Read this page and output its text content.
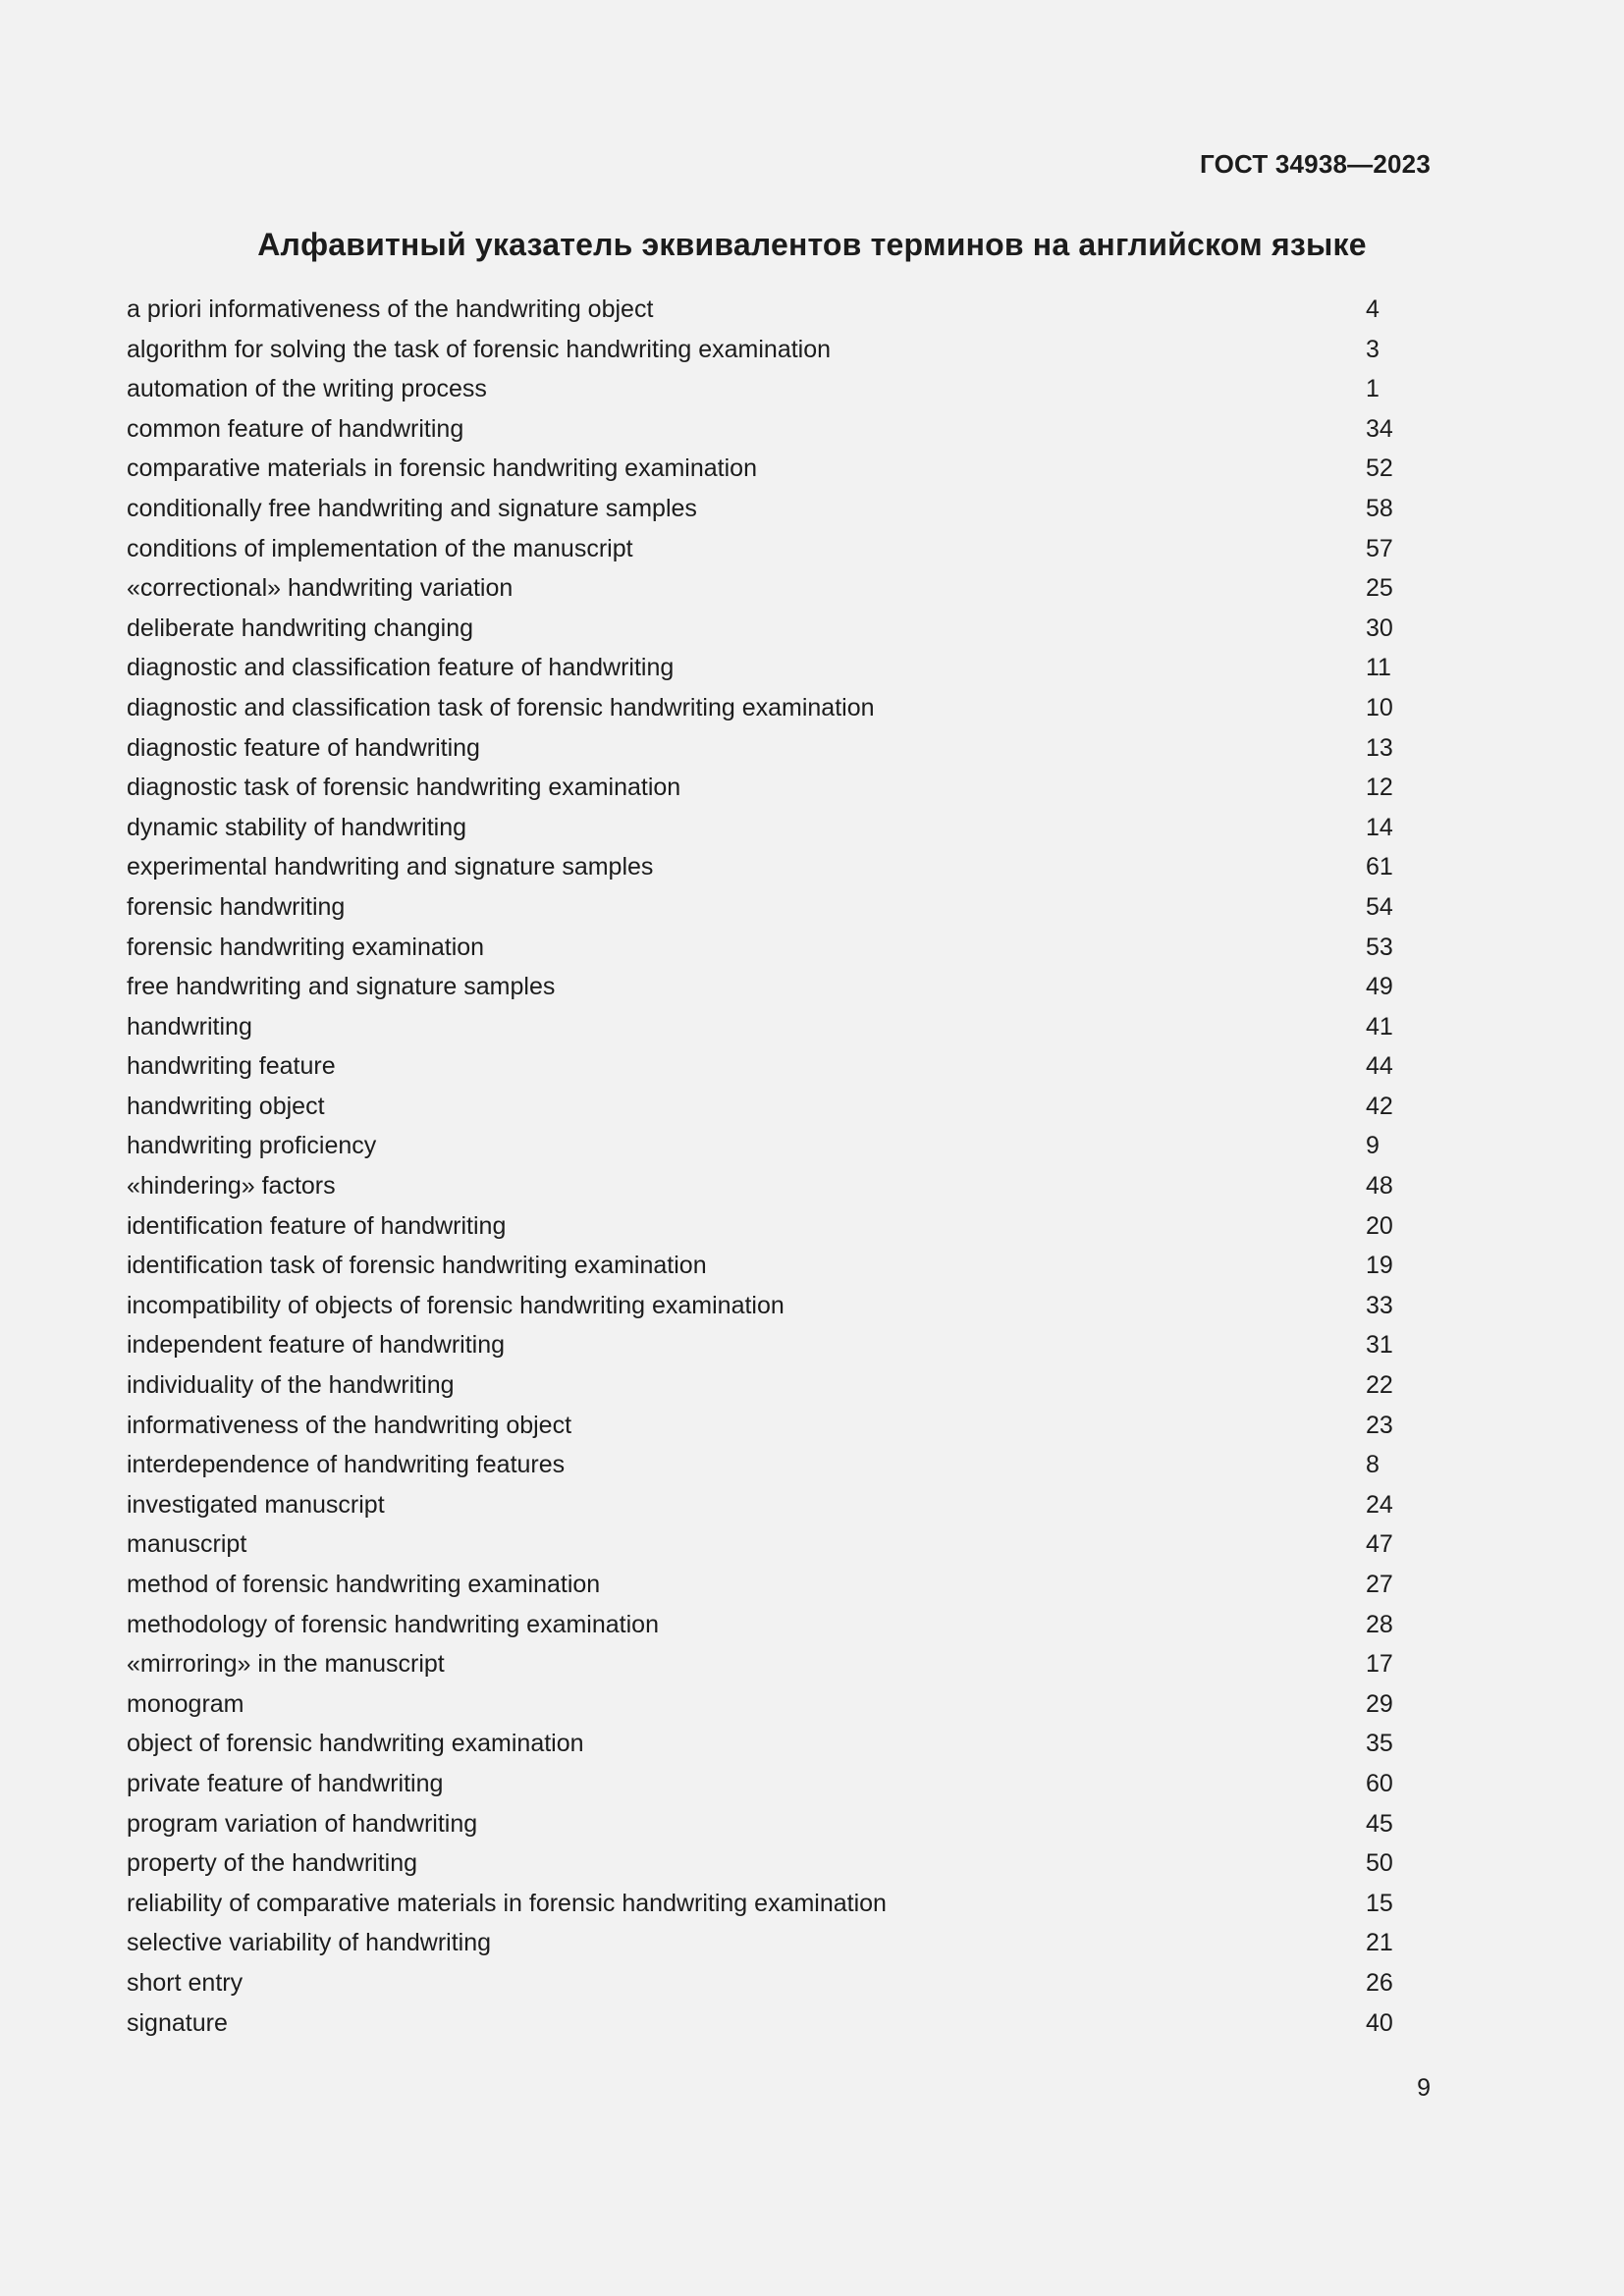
ГОСТ 34938—2023
Алфавитный указатель эквивалентов терминов на английском языке
a priori informativeness of the handwriting object	4
algorithm for solving the task of forensic handwriting examination	3
automation of the writing process	1
common feature of handwriting	34
comparative materials in forensic handwriting examination	52
conditionally free handwriting and signature samples	58
conditions of implementation of the manuscript	57
«correctional» handwriting variation	25
deliberate handwriting changing	30
diagnostic and classification feature of handwriting	11
diagnostic and classification task of forensic handwriting examination	10
diagnostic feature of handwriting	13
diagnostic task of forensic handwriting examination	12
dynamic stability of handwriting	14
experimental handwriting and signature samples	61
forensic handwriting	54
forensic handwriting examination	53
free handwriting and signature samples	49
handwriting	41
handwriting feature	44
handwriting object	42
handwriting proficiency	9
«hindering» factors	48
identification feature of handwriting	20
identification task of forensic handwriting examination	19
incompatibility of objects of forensic handwriting examination	33
independent feature of handwriting	31
individuality of the handwriting	22
informativeness of the handwriting object	23
interdependence of handwriting features	8
investigated manuscript	24
manuscript	47
method of forensic handwriting examination	27
methodology of forensic handwriting examination	28
«mirroring» in the manuscript	17
monogram	29
object of forensic handwriting examination	35
private feature of handwriting	60
program variation of handwriting	45
property of the handwriting	50
reliability of comparative materials in forensic handwriting examination	15
selective variability of handwriting	21
short entry	26
signature	40
9
